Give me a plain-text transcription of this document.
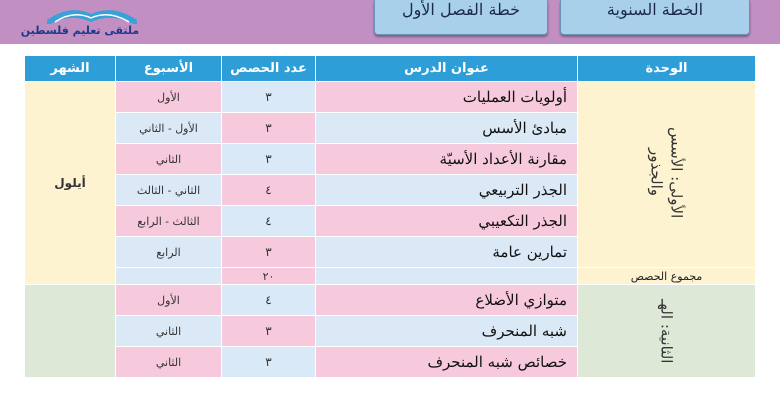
ملتقى تعليم فلسطين
خطة الفصل الأول	الخطة السنوية
الوحدة	عنوان الدرس	عدد الحصص	الأسبوع	الشهر
الأولى: الأسس
والجذور	أولويات العمليات	٣	الأول	أيلول
	مبادئ الأسس	٣	الأول - الثاني	
	مقارنة الأعداد الأسيّة	٣	الثاني	
	الجذر التربيعي	٤	الثاني - الثالث	
	الجذر التكعيبي	٤	الثالث - الرابع	
	تمارين عامة	٣	الرابع	
مجموع الحصص		٢٠		
الثانية: الهـ	متوازي الأضلاع	٤	الأول	
	شبه المنحرف	٣	الثاني	
	خصائص شبه المنحرف	٣	الثاني	
